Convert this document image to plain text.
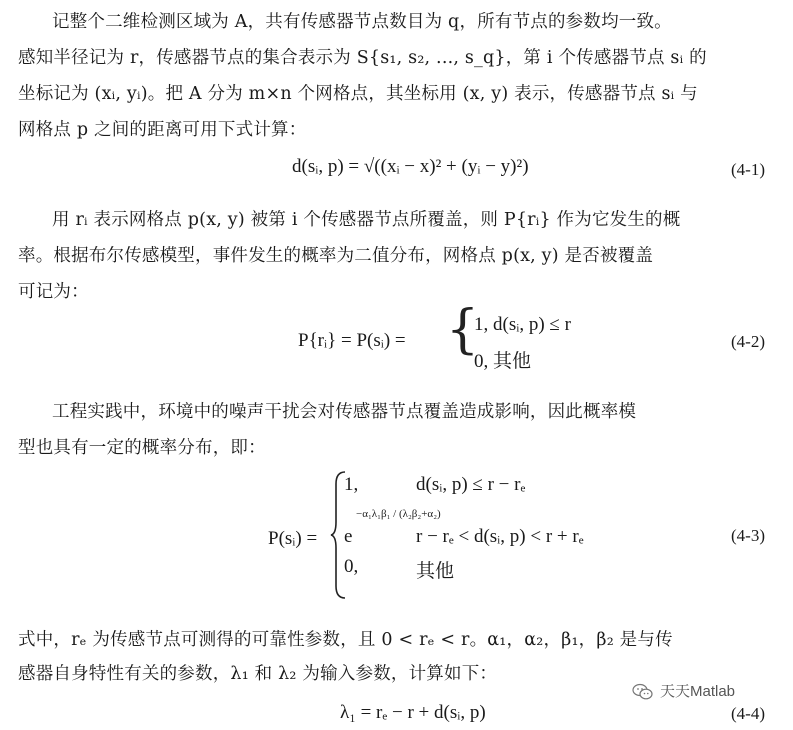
记整个二维检测区域为 A，共有传感器节点数目为 q，所有节点的参数均一致。
感知半径记为 r，传感器节点的集合表示为 S{s₁, s₂, ..., s_q}，第 i 个传感器节点 sᵢ 的
坐标记为 (xᵢ, yᵢ)。把 A 分为 m×n 个网格点，其坐标用 (x, y) 表示，传感器节点 sᵢ 与
网格点 p 之间的距离可用下式计算：
d(sᵢ, p) = √((xᵢ − x)² + (yᵢ − y)²)	(4-1)
用 rᵢ 表示网格点 p(x, y) 被第 i 个传感器节点所覆盖，则 P{rᵢ} 作为它发生的概
率。根据布尔传感模型，事件发生的概率为二值分布，网格点 p(x, y) 是否被覆盖
可记为：
P{rᵢ} = P(sᵢ) = {
1, d(sᵢ, p) ≤ r
0, 其他
(4-2)
工程实践中，环境中的噪声干扰会对传感器节点覆盖造成影响，因此概率模
型也具有一定的概率分布，即：
P(sᵢ) =
1,	d(sᵢ, p) ≤ r − rₑ
e
−α₁λ₁β₁ / (λ₂β₂+α₂)
r − rₑ < d(sᵢ, p) < r + rₑ
0,	其他
(4-3)
式中，rₑ 为传感节点可测得的可靠性参数，且 0 < rₑ < r。α₁，α₂，β₁，β₂ 是与传
感器自身特性有关的参数，λ₁ 和 λ₂ 为输入参数，计算如下：
λ₁ = rₑ − r + d(sᵢ, p)	(4-4)
天天Matlab
